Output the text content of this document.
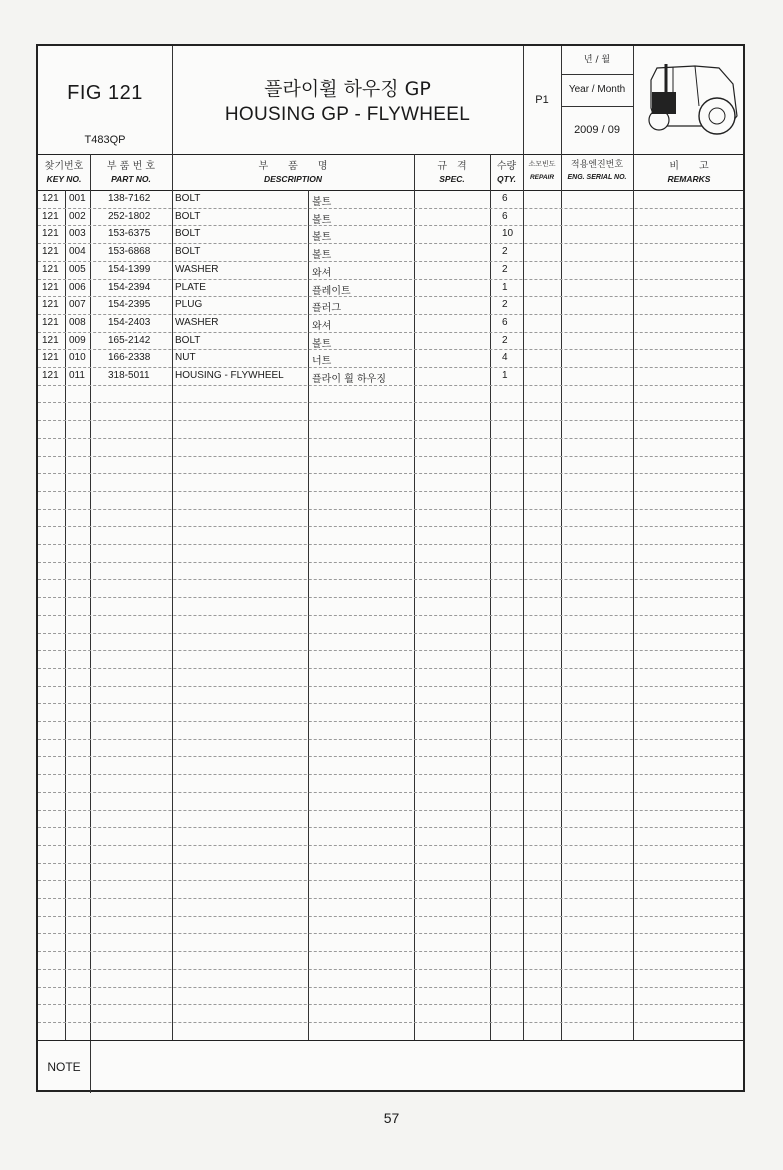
FIG 121
T483QP
플라이휠 하우징 GP
HOUSING GP - FLYWHEEL
P1
년 / 월
Year / Month
2009 / 09
찾기번호
KEY NO.
부 품 번 호
PART NO.
부　　품　　명
DESCRIPTION
규　격
SPEC.
수량
QTY.
소모빈도
REPAIR
적용엔진번호
ENG. SERIAL NO.
비　　고
REMARKS
121 001 138-7162 BOLT	볼트	6
121 002 252-1802 BOLT	볼트	6
121 003 153-6375 BOLT	볼트	10
121 004 153-6868 BOLT	볼트	2
121 005 154-1399 WASHER	와셔	2
121 006 154-2394 PLATE	플레이트	1
121 007 154-2395 PLUG	플러그	2
121 008 154-2403 WASHER	와셔	6
121 009 165-2142 BOLT	볼트	2
121 010 166-2338 NUT	너트	4
121 011 318-5011	HOUSING - FLYWHEEL	플라이 휠 하우징	1
NOTE
57
